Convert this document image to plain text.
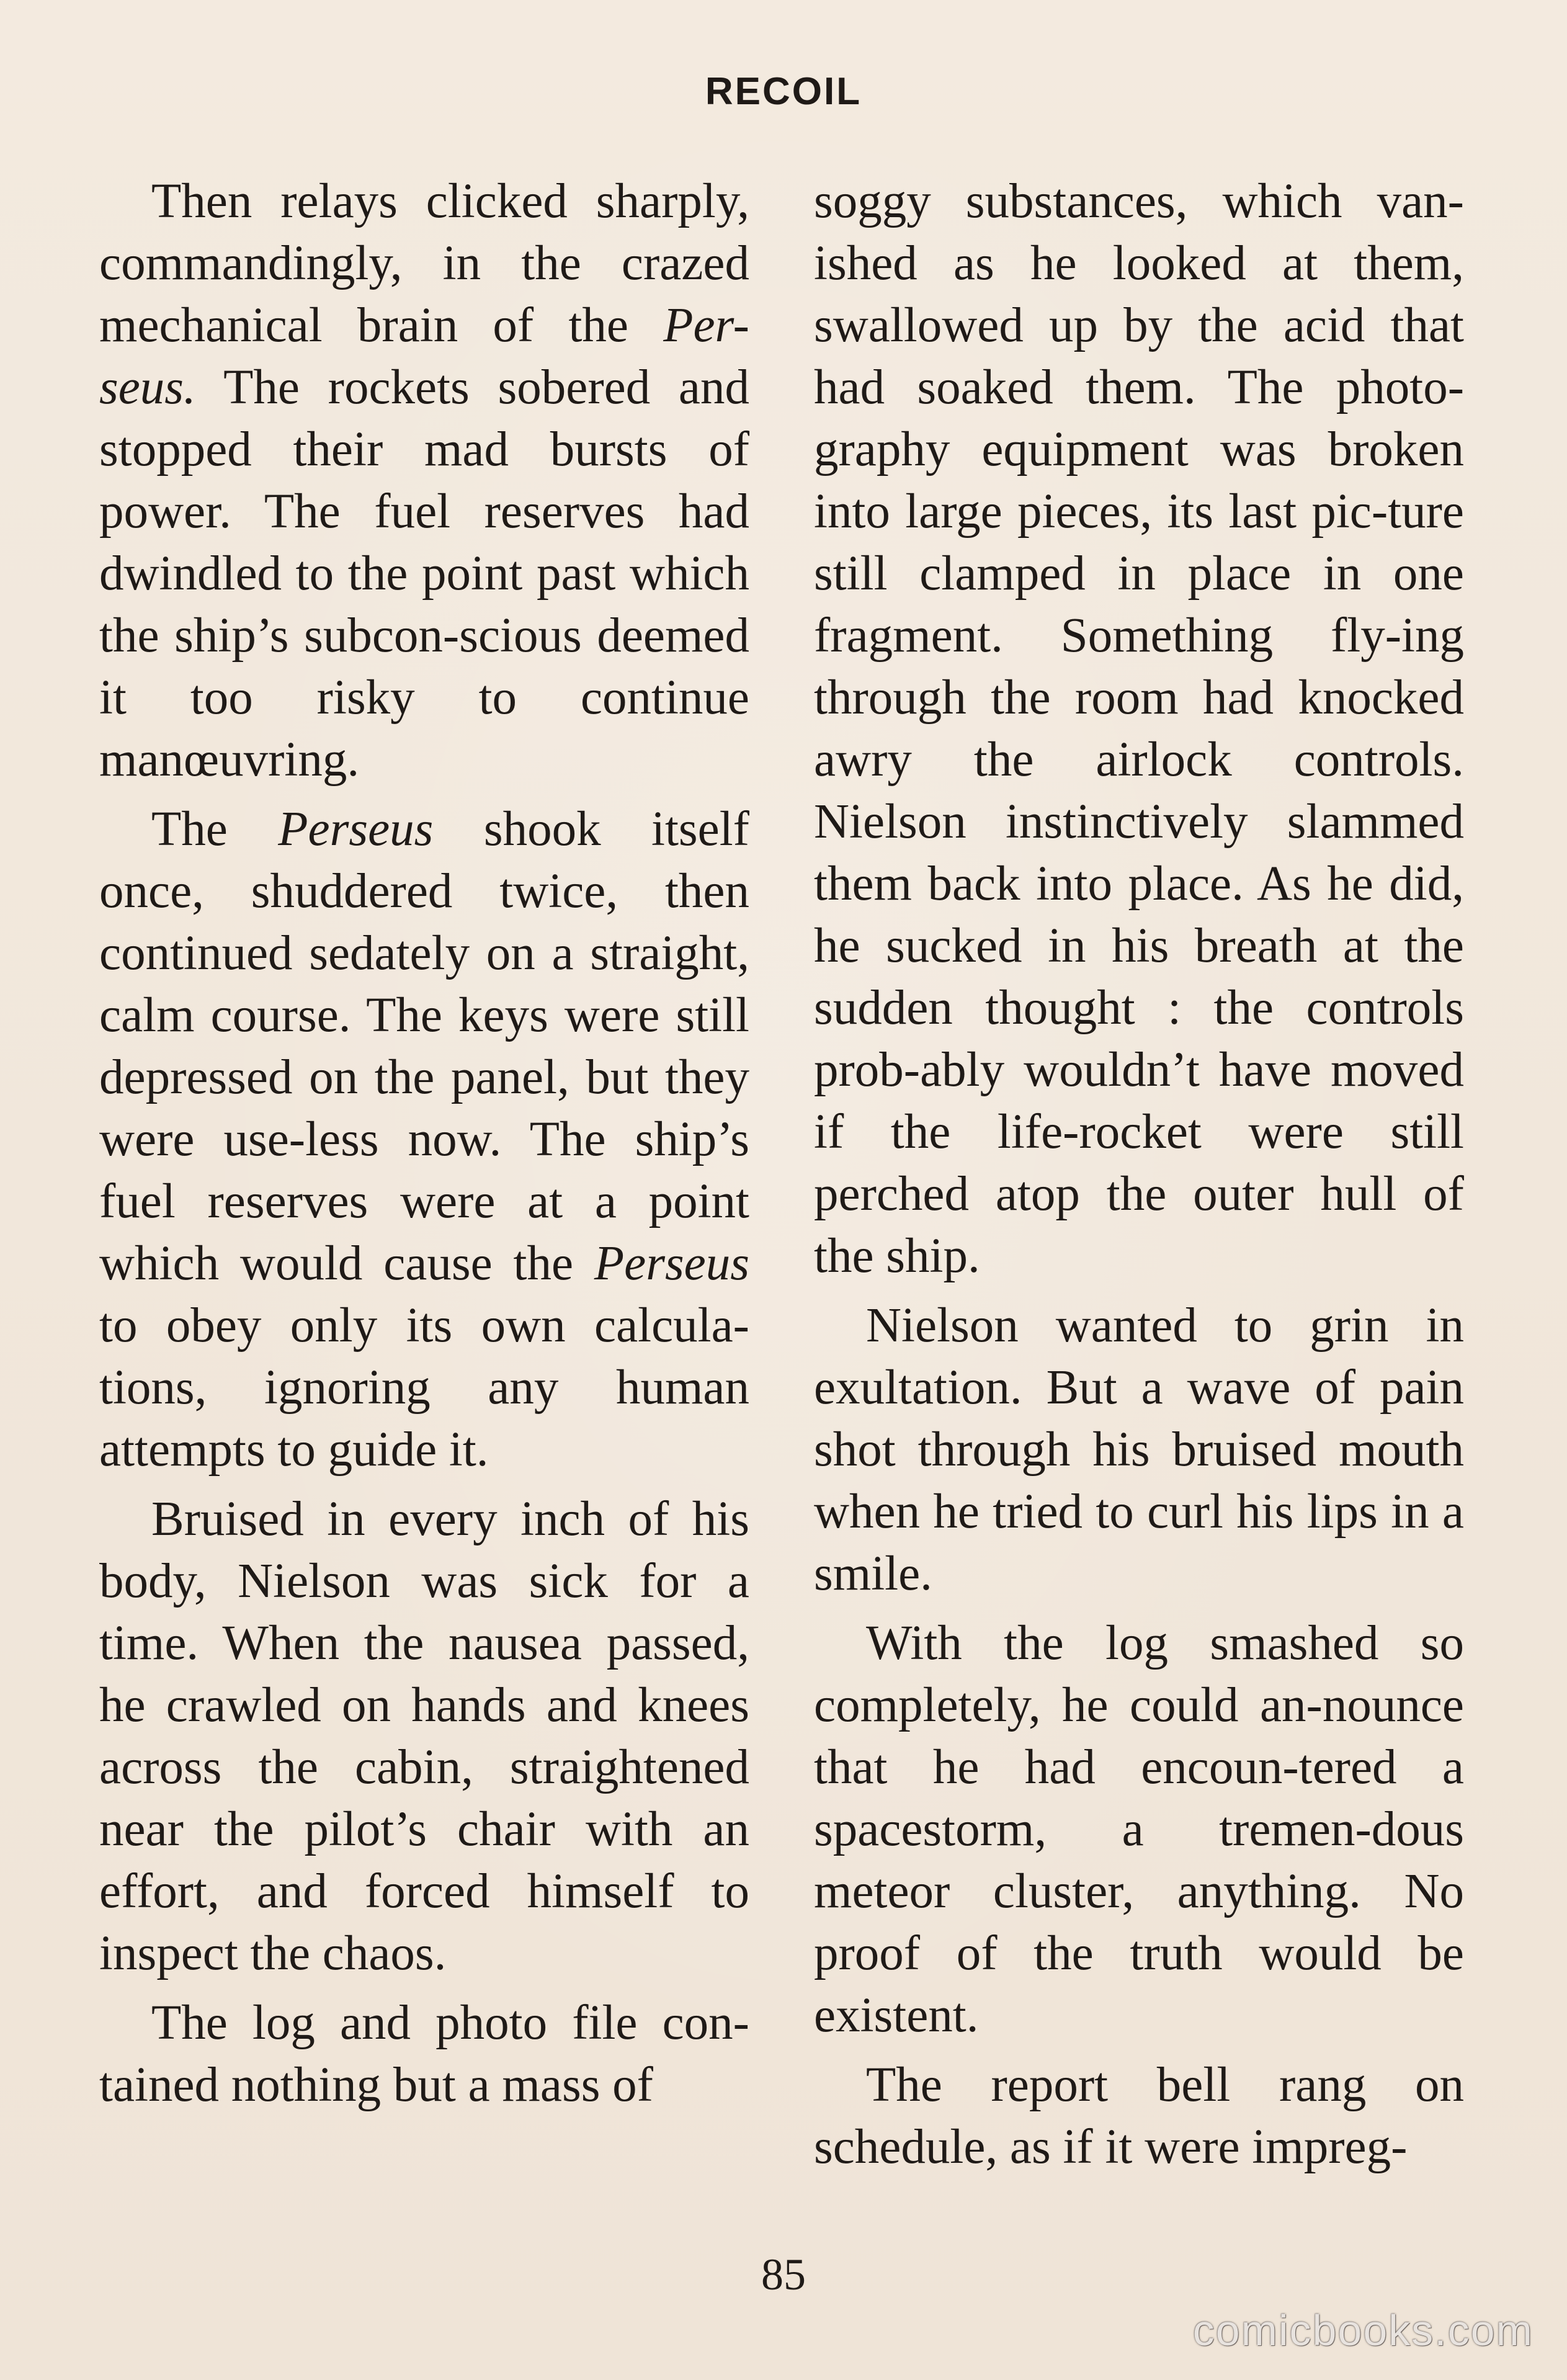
RECOIL

Then relays clicked sharply, commandingly, in the crazed mechanical brain of the Per-seus. The rockets sobered and stopped their mad bursts of power. The fuel reserves had dwindled to the point past which the ship’s subcon-scious deemed it too risky to continue manœuvring.

The Perseus shook itself once, shuddered twice, then continued sedately on a straight, calm course. The keys were still depressed on the panel, but they were use-less now. The ship’s fuel reserves were at a point which would cause the Perseus to obey only its own calcula-tions, ignoring any human attempts to guide it.

Bruised in every inch of his body, Nielson was sick for a time. When the nausea passed, he crawled on hands and knees across the cabin, straightened near the pilot’s chair with an effort, and forced himself to inspect the chaos.

The log and photo file con-tained nothing but a mass of

soggy substances, which van-ished as he looked at them, swallowed up by the acid that had soaked them. The photo-graphy equipment was broken into large pieces, its last pic-ture still clamped in place in one fragment. Something fly-ing through the room had knocked awry the airlock controls. Nielson instinctively slammed them back into place. As he did, he sucked in his breath at the sudden thought : the controls prob-ably wouldn’t have moved if the life-rocket were still perched atop the outer hull of the ship.

Nielson wanted to grin in exultation. But a wave of pain shot through his bruised mouth when he tried to curl his lips in a smile.

With the log smashed so completely, he could an-nounce that he had encoun-tered a spacestorm, a tremen-dous meteor cluster, anything. No proof of the truth would be existent.

The report bell rang on schedule, as if it were impreg-

85
comicbooks.com
